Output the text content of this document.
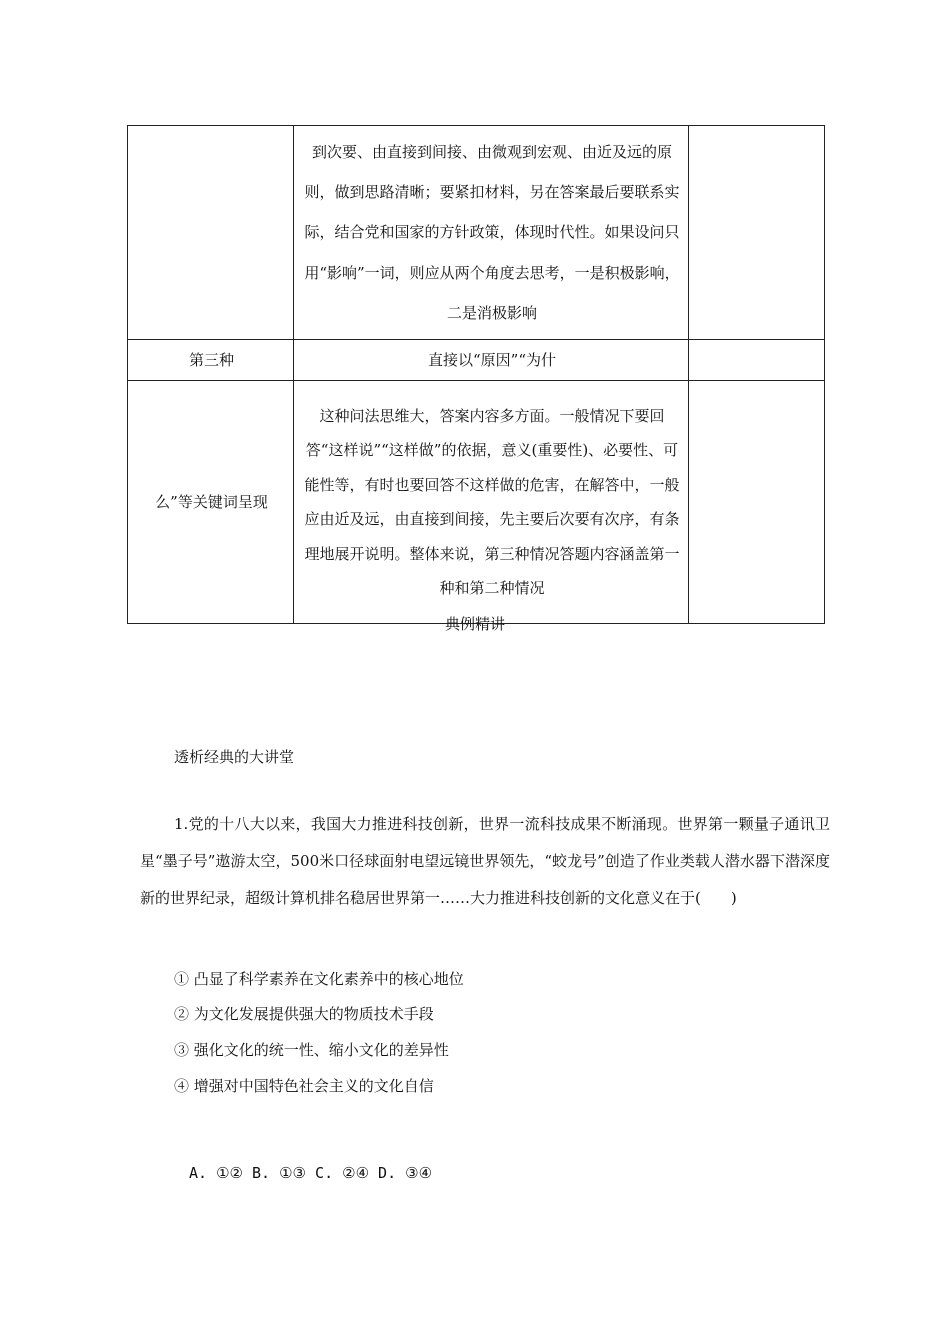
	到次要、由直接到间接、由微观到宏观、由近及远的原则，做到思路清晰；要紧扣材料，另在答案最后要联系实际，结合党和国家的方针政策，体现时代性。如果设问只用“影响”一词，则应从两个角度去思考，一是积极影响，二是消极影响	

第三种	直接以“原因”“为什	

么”等关键词呈现	这种问法思维大，答案内容多方面。一般情况下要回答“这样说”“这样做”的依据，意义(重要性)、必要性、可能性等，有时也要回答不这样做的危害，在解答中，一般应由近及远，由直接到间接，先主要后次要有次序，有条理地展开说明。整体来说，第三种情况答题内容涵盖第一种和第二种情况	

典例精讲
透析经典的大讲堂
1.党的十八大以来，我国大力推进科技创新，世界一流科技成果不断涌现。世界第一颗量子通讯卫星“墨子号”遨游太空，500米口径球面射电望远镜世界领先，“蛟龙号”创造了作业类载人潜水器下潜深度新的世界纪录，超级计算机排名稳居世界第一……大力推进科技创新的文化意义在于(　　)
① 凸显了科学素养在文化素养中的核心地位
② 为文化发展提供强大的物质技术手段
③ 强化文化的统一性、缩小文化的差异性
④ 增强对中国特色社会主义的文化自信
A. ①② B. ①③ C. ②④ D. ③④
